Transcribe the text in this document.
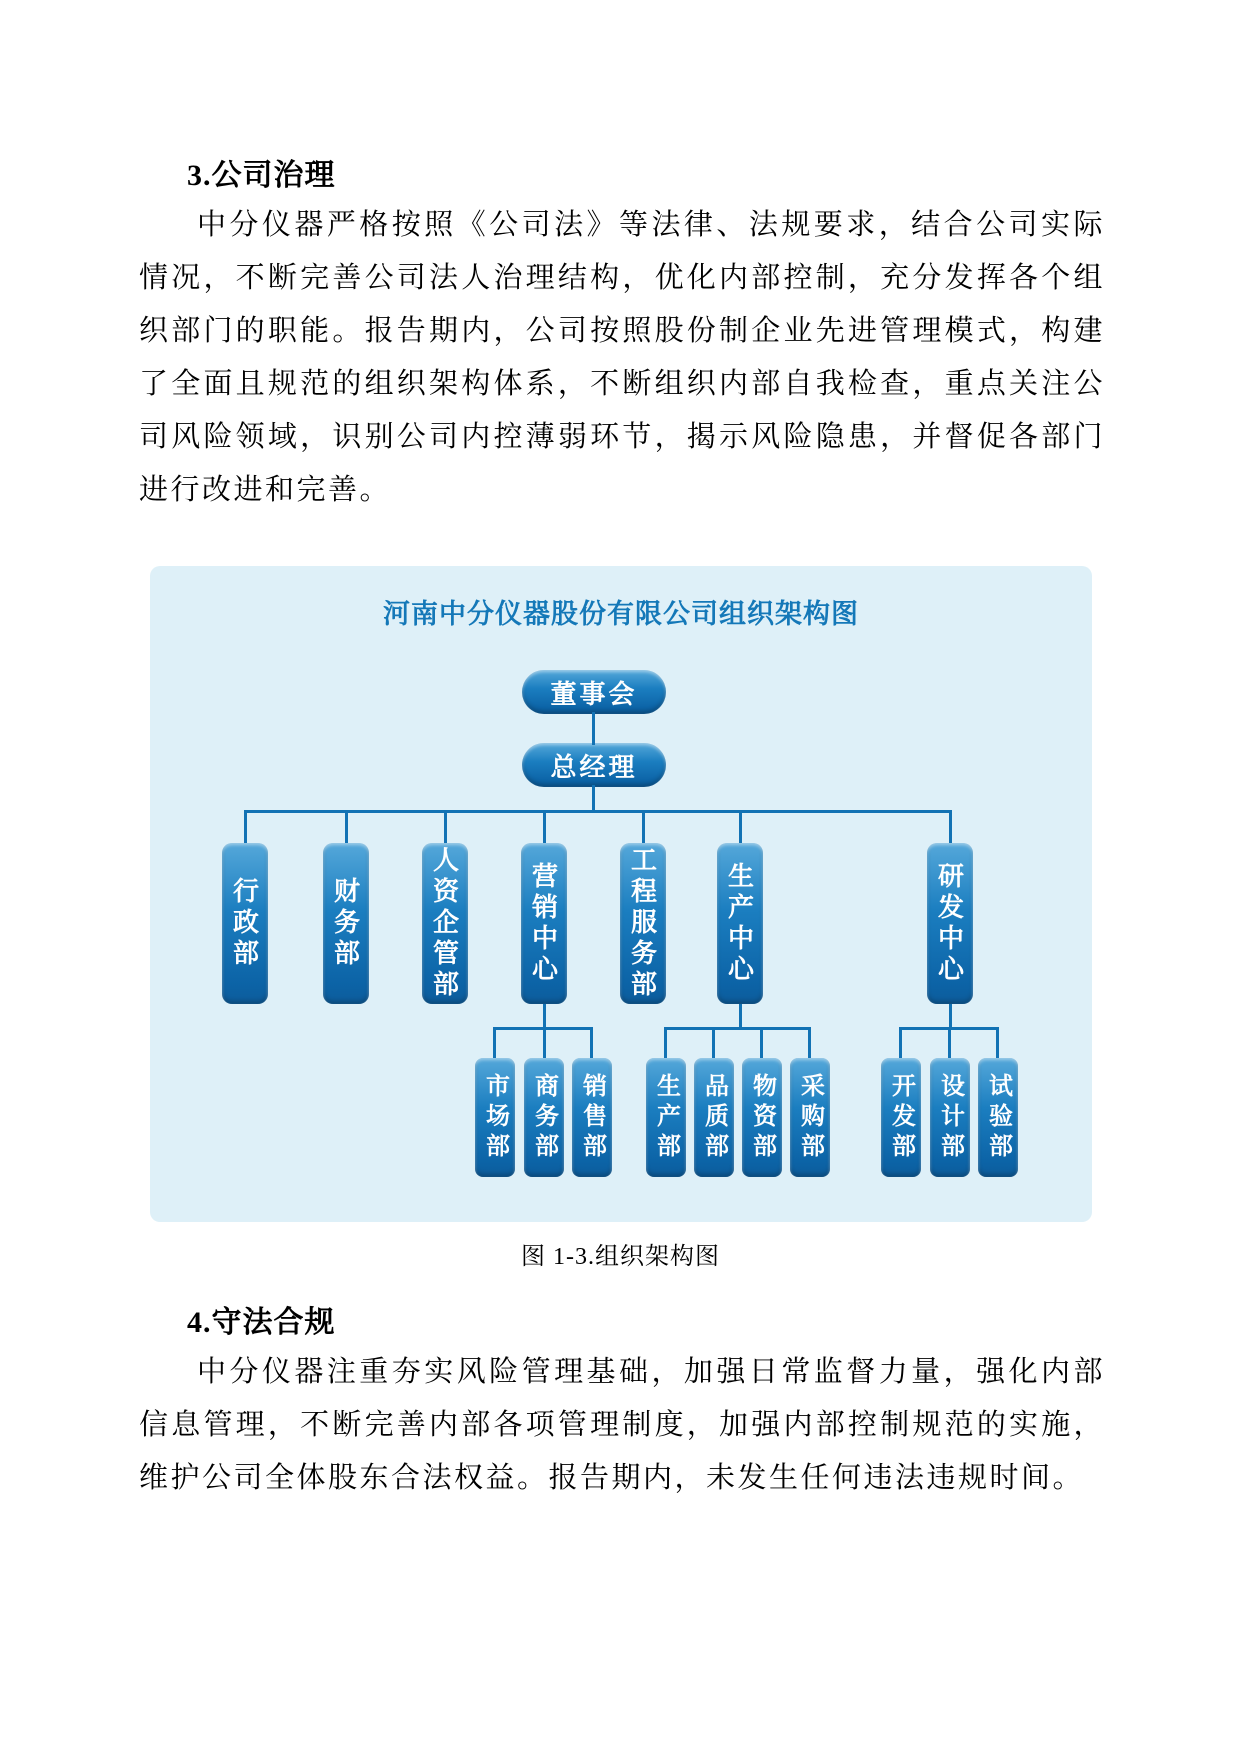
3.公司治理
中分仪器严格按照《公司法》等法律、法规要求，结合公司实际情况，不断完善公司法人治理结构，优化内部控制，充分发挥各个组织部门的职能。报告期内，公司按照股份制企业先进管理模式，构建了全面且规范的组织架构体系，不断组织内部自我检查，重点关注公司风险领域，识别公司内控薄弱环节，揭示风险隐患，并督促各部门进行改进和完善。
河南中分仪器股份有限公司组织架构图
董事会
总经理
行政部	财务部	人资企管部	营销中心	工程服务部	生产中心	研发中心
市场部 商务部 销售部 生产部 品质部 物资部 采购部	开发部 设计部 试验部
图 1-3.组织架构图
4.守法合规
中分仪器注重夯实风险管理基础，加强日常监督力量，强化内部信息管理，不断完善内部各项管理制度，加强内部控制规范的实施，维护公司全体股东合法权益。报告期内，未发生任何违法违规时间。
